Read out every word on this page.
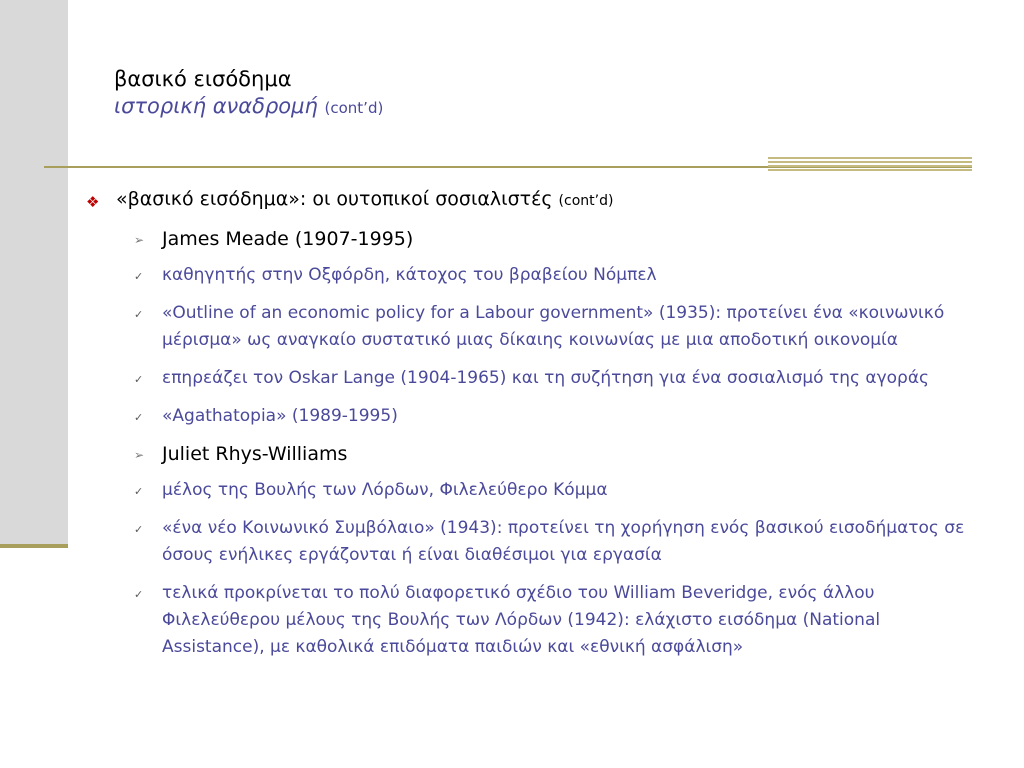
βασικό εισόδημα
ιστορική αναδρομή (cont’d)
❖ «βασικό εισόδημα»: οι ουτοπικοί σοσιαλιστές (cont’d)
➢ James Meade (1907-1995)
✓ καθηγητής στην Οξφόρδη, κάτοχος του βραβείου Νόμπελ
✓ «Outline of an economic policy for a Labour government» (1935): προτείνει ένα «κοινωνικό μέρισμα» ως αναγκαίο συστατικό μιας δίκαιης κοινωνίας με μια αποδοτική οικονομία
✓ επηρεάζει τον Oskar Lange (1904-1965) και τη συζήτηση για ένα σοσιαλισμό της αγοράς
✓ «Agathatopia» (1989-1995)
➢ Juliet Rhys-Williams
✓ μέλος της Βουλής των Λόρδων, Φιλελεύθερο Κόμμα
✓ «ένα νέο Κοινωνικό Συμβόλαιο» (1943): προτείνει τη χορήγηση ενός βασικού εισοδήματος σε όσους ενήλικες εργάζονται ή είναι διαθέσιμοι για εργασία
✓ τελικά προκρίνεται το πολύ διαφορετικό σχέδιο του William Beveridge, ενός άλλου Φιλελεύθερου μέλους της Βουλής των Λόρδων (1942): ελάχιστο εισόδημα (National Assistance), με καθολικά επιδόματα παιδιών και «εθνική ασφάλιση»
